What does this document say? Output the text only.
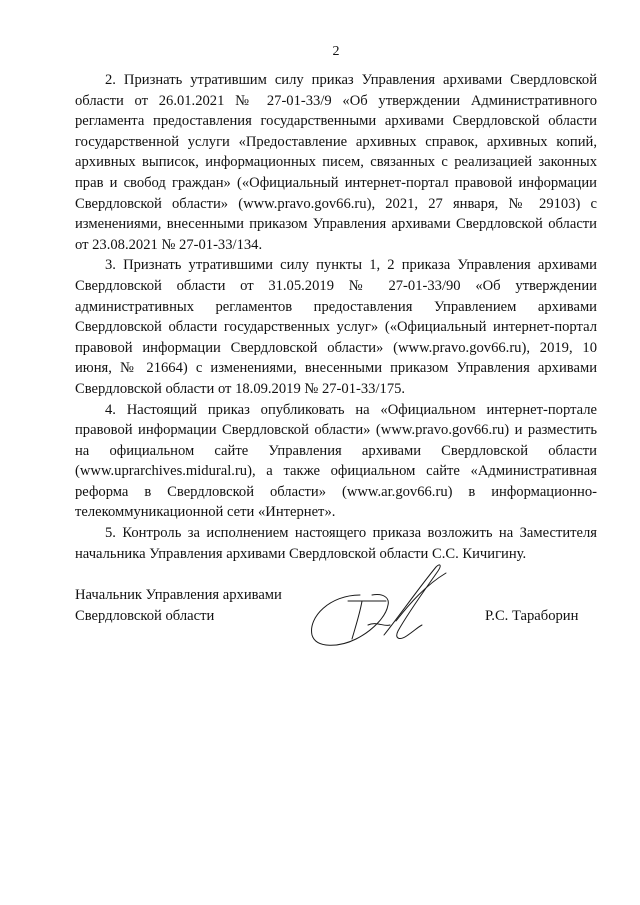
2

2. Признать утратившим силу приказ Управления архивами Свердловской области от 26.01.2021 № 27-01-33/9 «Об утверждении Административного регламента предоставления государственными архивами Свердловской области государственной услуги «Предоставление архивных справок, архивных копий, архивных выписок, информационных писем, связанных с реализацией законных прав и свобод граждан» («Официальный интернет-портал правовой информации Свердловской области» (www.pravo.gov66.ru), 2021, 27 января, № 29103) с изменениями, внесенными приказом Управления архивами Свердловской области от 23.08.2021 № 27-01-33/134.

3. Признать утратившими силу пункты 1, 2 приказа Управления архивами Свердловской области от 31.05.2019 № 27-01-33/90 «Об утверждении административных регламентов предоставления Управлением архивами Свердловской области государственных услуг» («Официальный интернет-портал правовой информации Свердловской области» (www.pravo.gov66.ru), 2019, 10 июня, № 21664) с изменениями, внесенными приказом Управления архивами Свердловской области от 18.09.2019 № 27-01-33/175.

4. Настоящий приказ опубликовать на «Официальном интернет-портале правовой информации Свердловской области» (www.pravo.gov66.ru) и разместить на официальном сайте Управления архивами Свердловской области (www.uprarchives.midural.ru), а также официальном сайте «Административная реформа в Свердловской области» (www.ar.gov66.ru) в информационно-телекоммуникационной сети «Интернет».

5. Контроль за исполнением настоящего приказа возложить на Заместителя начальника Управления архивами Свердловской области С.С. Кичигину.

Начальник Управления архивами
Свердловской области	Р.С. Тараборин
